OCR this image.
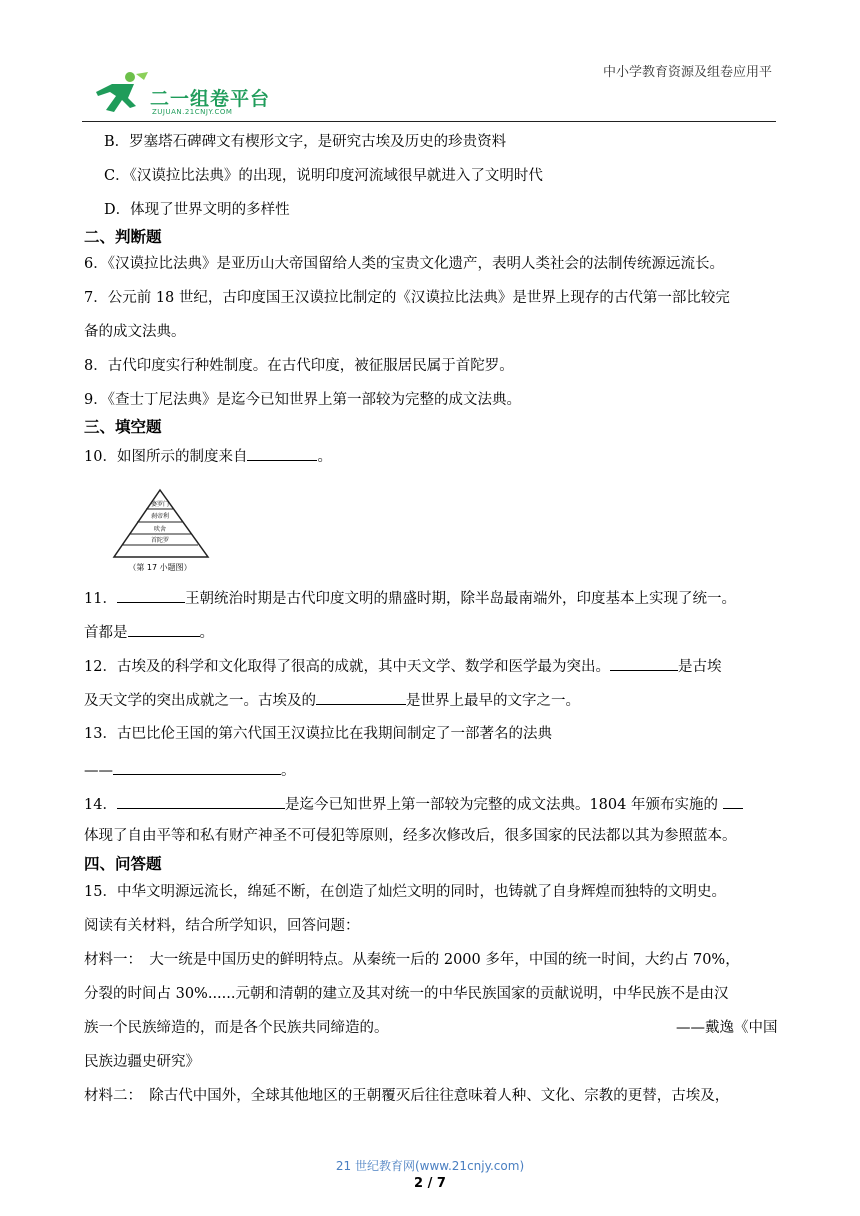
二一组卷平台
ZUJUAN.21CNJY.COM
中小学教育资源及组卷应用平
B．罗塞塔石碑碑文有楔形文字，是研究古埃及历史的珍贵资料
C．《汉谟拉比法典》的出现，说明印度河流域很早就进入了文明时代
D．体现了世界文明的多样性
二、判断题
6．《汉谟拉比法典》是亚历山大帝国留给人类的宝贵文化遗产，表明人类社会的法制传统源远流长。
7．公元前 18 世纪，古印度国王汉谟拉比制定的《汉谟拉比法典》是世界上现存的古代第一部比较完
备的成文法典。
8．古代印度实行种姓制度。在古代印度，被征服居民属于首陀罗。
9．《查士丁尼法典》是迄今已知世界上第一部较为完整的成文法典。
三、填空题
10．如图所示的制度来自	。
11．	王朝统治时期是古代印度文明的鼎盛时期，除半岛最南端外，印度基本上实现了统一。
首都是	。
12．古埃及的科学和文化取得了很高的成就，其中天文学、数学和医学最为突出。	是古埃
及天文学的突出成就之一。古埃及的	是世界上最早的文字之一。
13．古巴比伦王国的第六代国王汉谟拉比在我期间制定了一部著名的法典
——	。
14．	是迄今已知世界上第一部较为完整的成文法典。1804 年颁布实施的
体现了自由平等和私有财产神圣不可侵犯等原则，经多次修改后，很多国家的民法都以其为参照蓝本。
四、问答题
15．中华文明源远流长，绵延不断，在创造了灿烂文明的同时，也铸就了自身辉煌而独特的文明史。
阅读有关材料，结合所学知识，回答问题：
材料一：　大一统是中国历史的鲜明特点。从秦统一后的 2000 多年，中国的统一时间，大约占 70%，
分裂的时间占 30%......元朝和清朝的建立及其对统一的中华民族国家的贡献说明，中华民族不是由汉
族一个民族缔造的，而是各个民族共同缔造的。	——戴逸《中国
民族边疆史研究》
材料二：　除古代中国外，全球其他地区的王朝覆灭后往往意味着人种、文化、宗教的更替，古埃及，
婆罗门
刹帝利
吠舍
首陀罗
（第 17 小题图）
21 世纪教育网(www.21cnjy.com)
2 / 7
